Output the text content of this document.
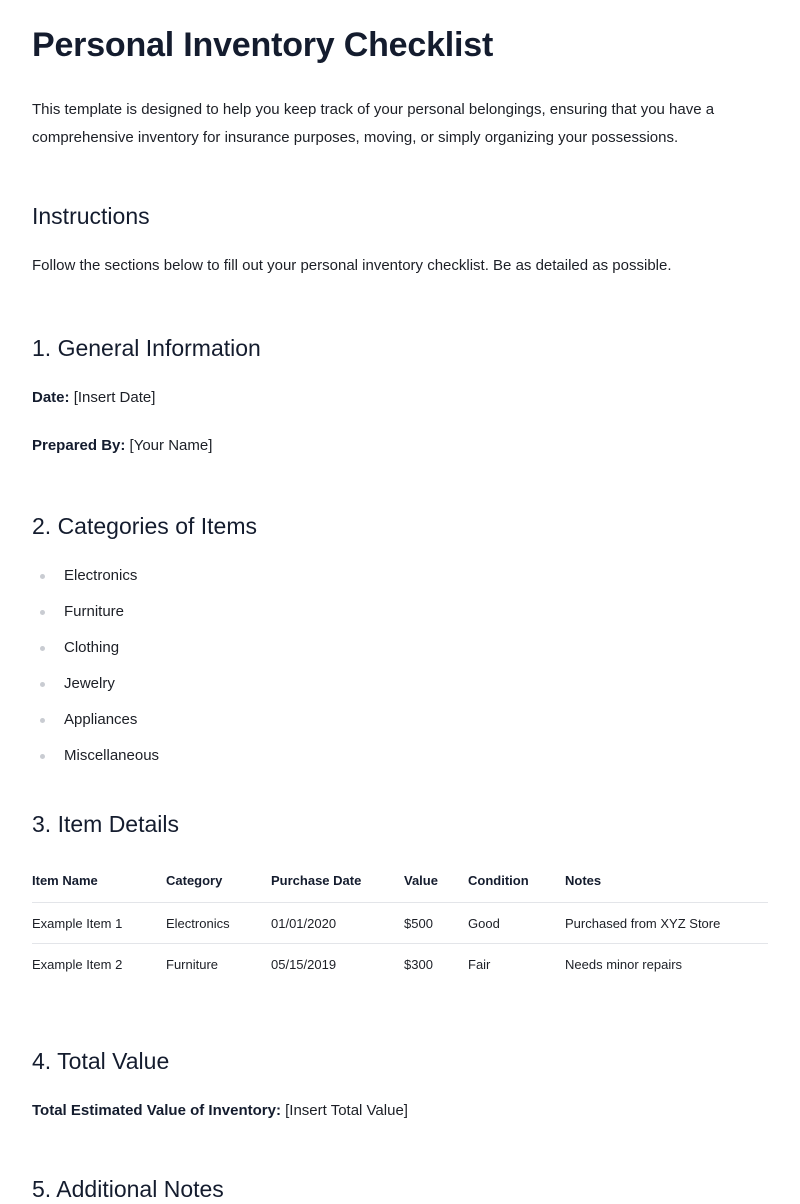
Personal Inventory Checklist

This template is designed to help you keep track of your personal belongings, ensuring that you have a comprehensive inventory for insurance purposes, moving, or simply organizing your possessions.

Instructions

Follow the sections below to fill out your personal inventory checklist. Be as detailed as possible.

1. General Information

Date: [Insert Date]

Prepared By: [Your Name]

2. Categories of Items
Electronics
Furniture
Clothing
Jewelry
Appliances
Miscellaneous
3. Item Details
Item Name	Category	Purchase Date	Value	Condition	Notes
Example Item 1	Electronics	01/01/2020	$500	Good	Purchased from XYZ Store
Example Item 2	Furniture	05/15/2019	$300	Fair	Needs minor repairs
4. Total Value

Total Estimated Value of Inventory: [Insert Total Value]

5. Additional Notes
